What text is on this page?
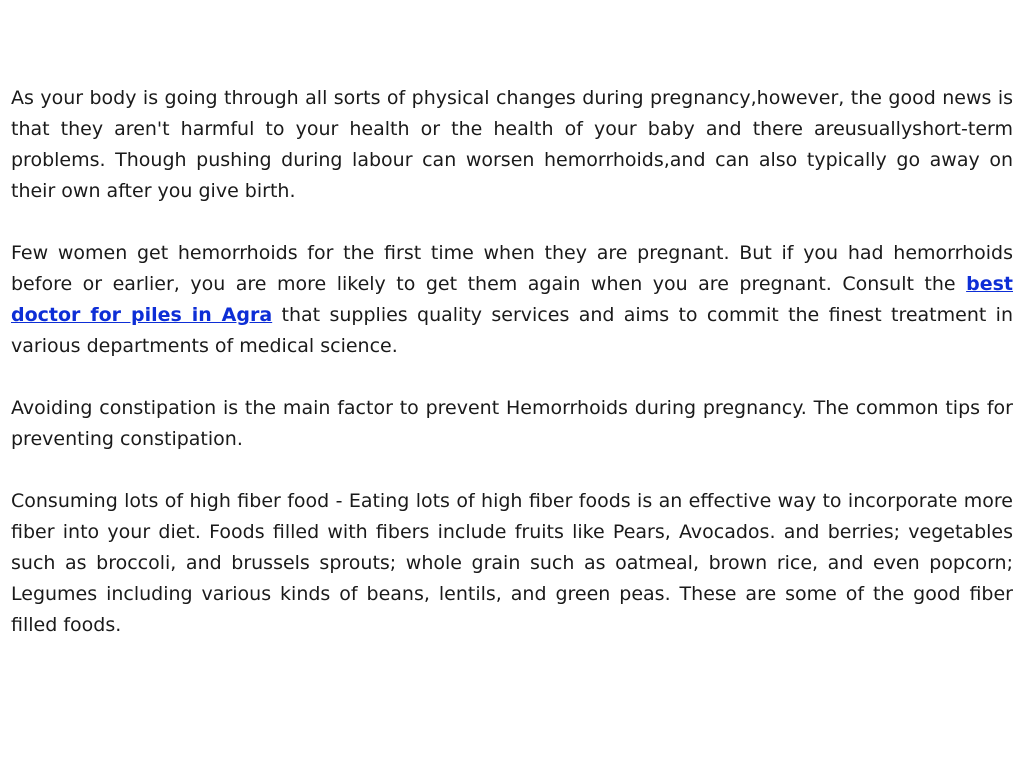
As your body is going through all sorts of physical changes during pregnancy,however, the good news is that they aren't harmful to your health or the health of your baby and there areusuallyshort-term problems. Though pushing during labour can worsen hemorrhoids,and can also typically go away on their own after you give birth.

Few women get hemorrhoids for the first time when they are pregnant. But if you had hemorrhoids before or earlier, you are more likely to get them again when you are pregnant. Consult the best doctor for piles in Agra that supplies quality services and aims to commit the finest treatment in various departments of medical science.

Avoiding constipation is the main factor to prevent Hemorrhoids during pregnancy. The common tips for preventing constipation.

Consuming lots of high fiber food - Eating lots of high fiber foods is an effective way to incorporate more fiber into your diet. Foods filled with fibers include fruits like Pears, Avocados. and berries; vegetables such as broccoli, and brussels sprouts; whole grain such as oatmeal, brown rice, and even popcorn; Legumes including various kinds of beans, lentils, and green peas. These are some of the good fiber filled foods.
